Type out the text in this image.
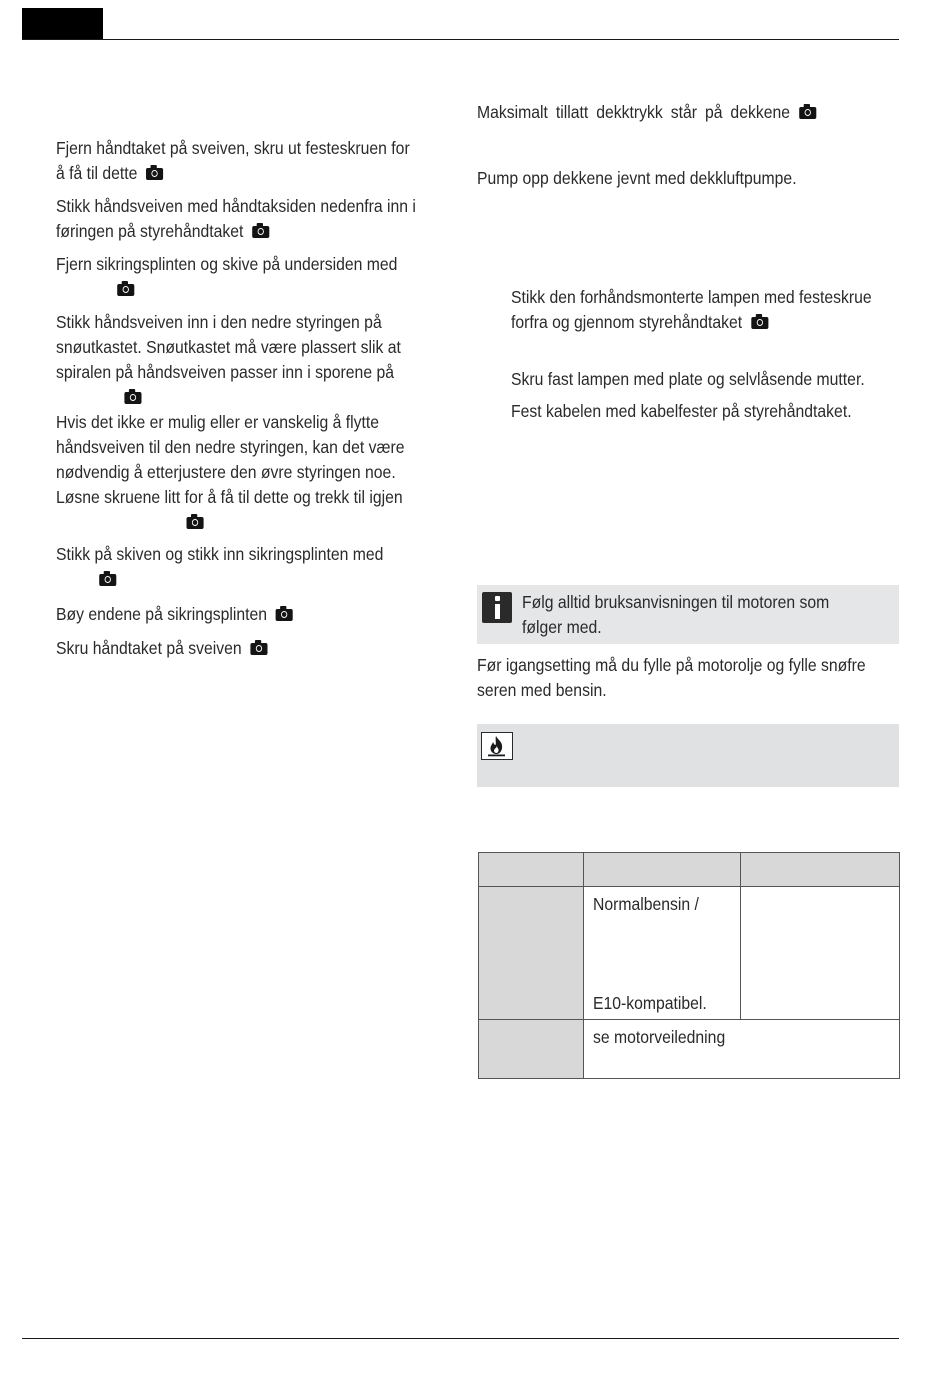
Fjern håndtaket på sveiven, skru ut festeskruen for
å få til dette

Stikk håndsveiven med håndtaksiden nedenfra inn i
føringen på styrehåndtaket

Fjern sikringsplinten og skive på undersiden med

Stikk håndsveiven inn i den nedre styringen på
snøutkastet. Snøutkastet må være plassert slik at
spiralen på håndsveiven passer inn i sporene på

Hvis det ikke er mulig eller er vanskelig å flytte
håndsveiven til den nedre styringen, kan det være
nødvendig å etterjustere den øvre styringen noe.
Løsne skruene litt for å få til dette og trekk til igjen

Stikk på skiven og stikk inn sikringsplinten med

Bøy endene på sikringsplinten

Skru håndtaket på sveiven

Maksimalt tillatt dekktrykk står på dekkene

Pump opp dekkene jevnt med dekkluftpumpe.

Stikk den forhåndsmonterte lampen med festeskrue
forfra og gjennom styrehåndtaket

Skru fast lampen med plate og selvlåsende mutter.

Fest kabelen med kabelfester på styrehåndtaket.

Følg alltid bruksanvisningen til motoren som
følger med.

Før igangsetting må du fylle på motorolje og fylle snøfre
seren med bensin.

	Normalbensin /

E10-kompatibel.	

	se motorveiledning	
